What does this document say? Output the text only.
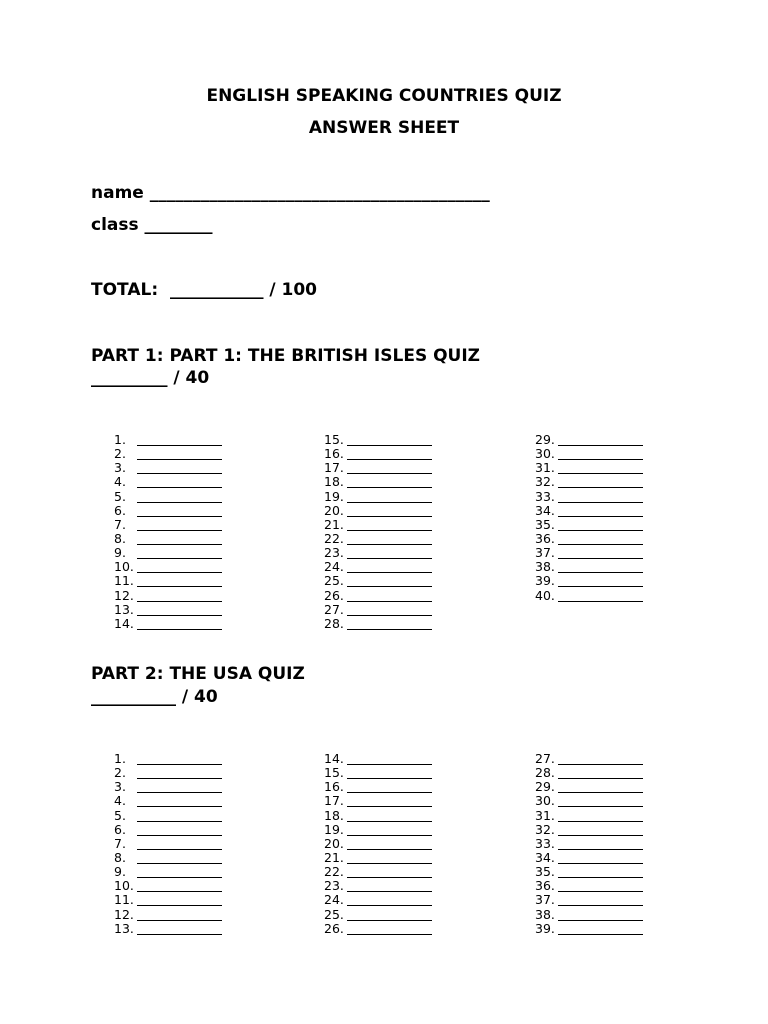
ENGLISH SPEAKING COUNTRIES QUIZ
ANSWER SHEET
name ________________________________________
class ________
TOTAL:  ___________ / 100
PART 1: PART 1: THE BRITISH ISLES QUIZ
_________ / 40
1.
2.
3.
4.
5.
6.
7.
8.
9.
10.
11.
12.
13.
14.
15.
16.
17.
18.
19.
20.
21.
22.
23.
24.
25.
26.
27.
28.
29.
30.
31.
32.
33.
34.
35.
36.
37.
38.
39.
40.
PART 2: THE USA QUIZ
__________ / 40
1.
2.
3.
4.
5.
6.
7.
8.
9.
10.
11.
12.
13.
14.
15.
16.
17.
18.
19.
20.
21.
22.
23.
24.
25.
26.
27.
28.
29.
30.
31.
32.
33.
34.
35.
36.
37.
38.
39.
